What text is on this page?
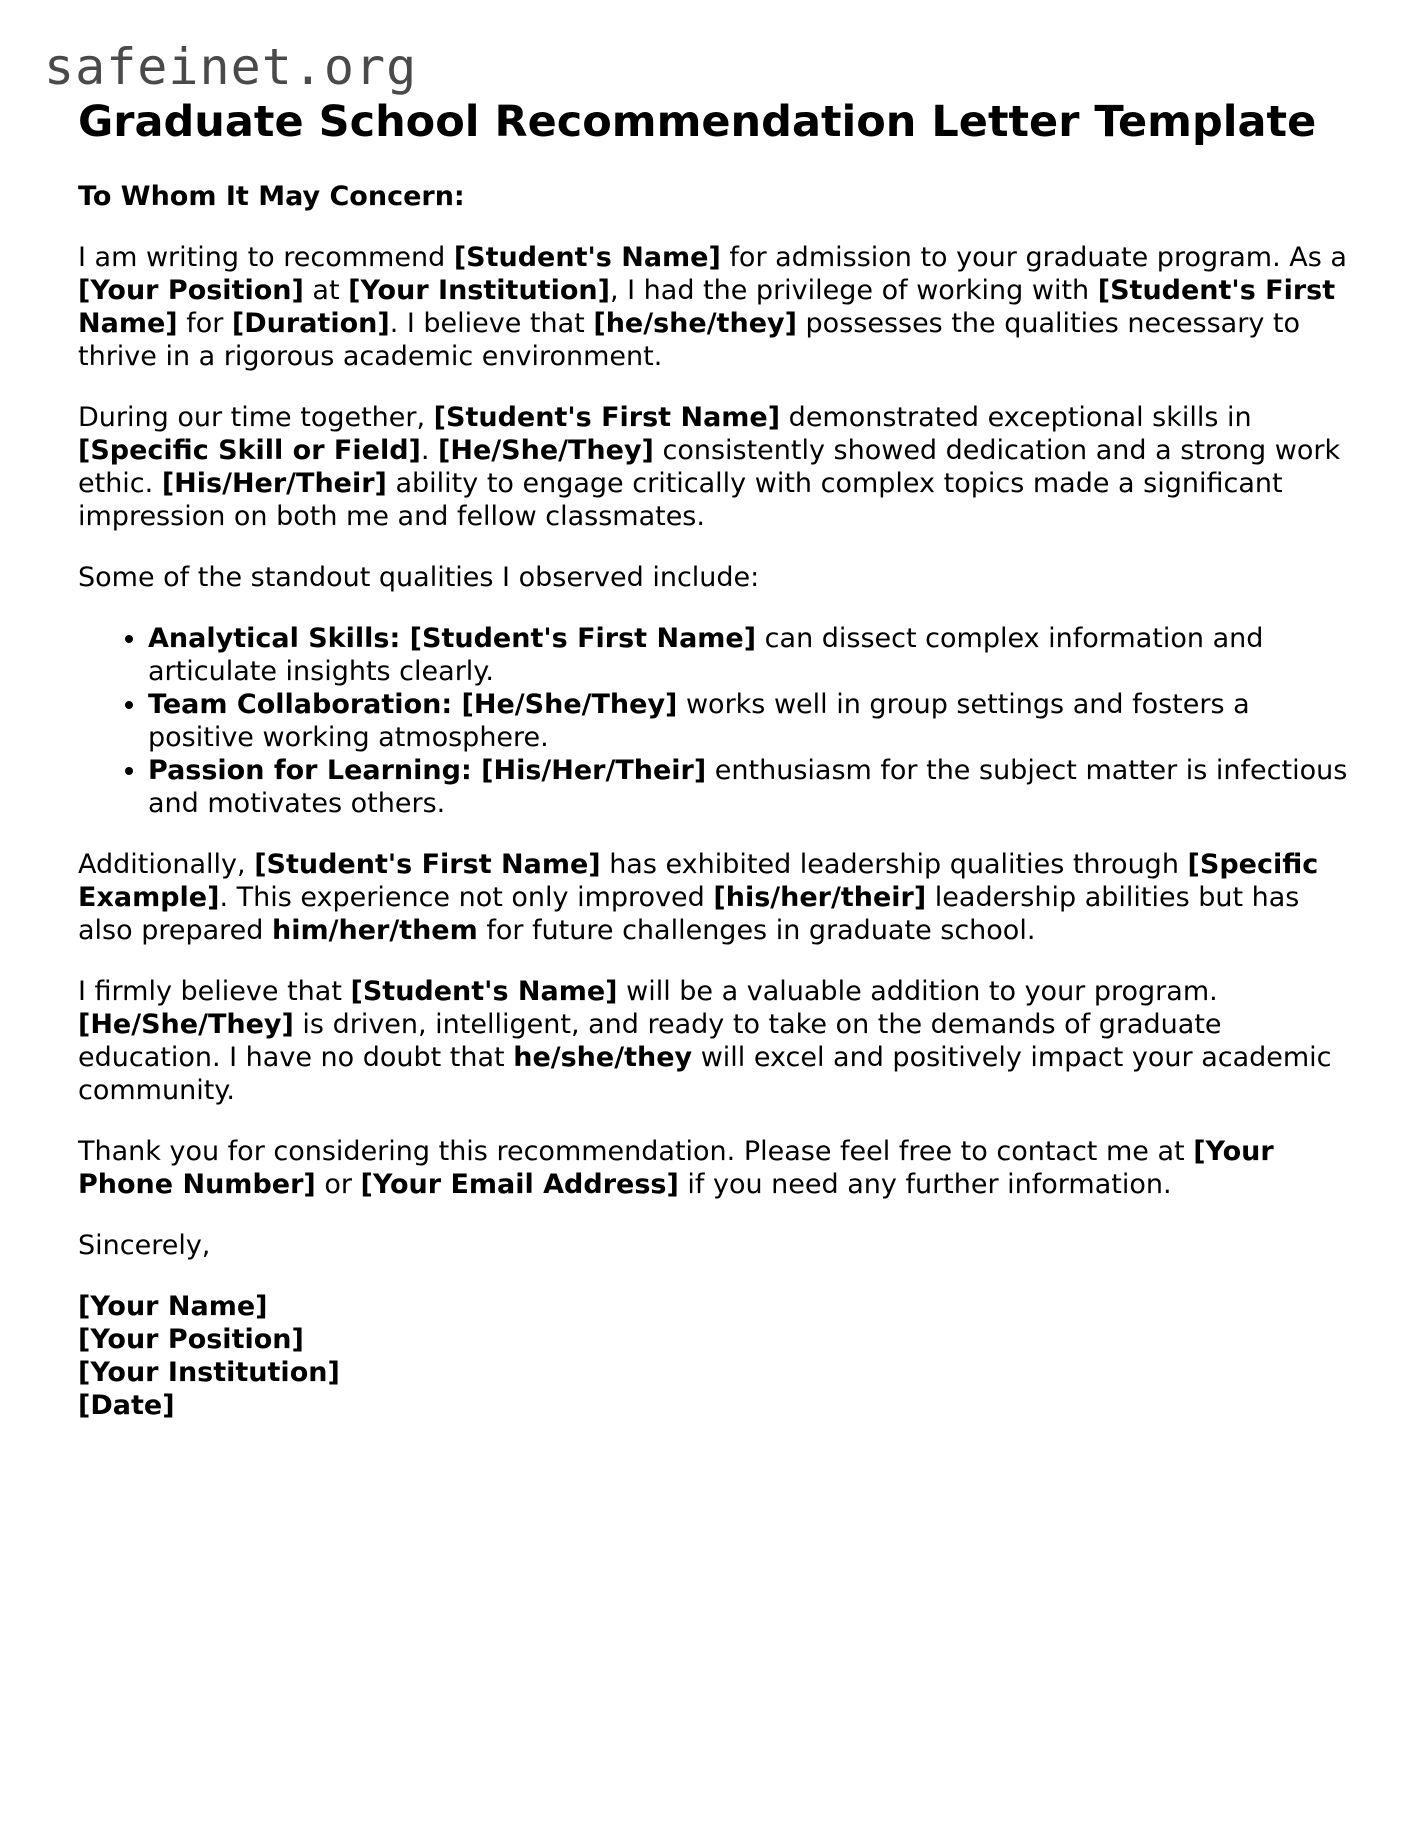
safeinet.org
Graduate School Recommendation Letter Template

To Whom It May Concern:

I am writing to recommend [Student's Name] for admission to your graduate program. As a [Your Position] at [Your Institution], I had the privilege of working with [Student's First Name] for [Duration]. I believe that [he/she/they] possesses the qualities necessary to thrive in a rigorous academic environment.

During our time together, [Student's First Name] demonstrated exceptional skills in [Specific Skill or Field]. [He/She/They] consistently showed dedication and a strong work ethic. [His/Her/Their] ability to engage critically with complex topics made a significant impression on both me and fellow classmates.

Some of the standout qualities I observed include:

• Analytical Skills: [Student's First Name] can dissect complex information and articulate insights clearly.
• Team Collaboration: [He/She/They] works well in group settings and fosters a positive working atmosphere.
• Passion for Learning: [His/Her/Their] enthusiasm for the subject matter is infectious and motivates others.

Additionally, [Student's First Name] has exhibited leadership qualities through [Specific Example]. This experience not only improved [his/her/their] leadership abilities but has also prepared him/her/them for future challenges in graduate school.

I firmly believe that [Student's Name] will be a valuable addition to your program. [He/She/They] is driven, intelligent, and ready to take on the demands of graduate education. I have no doubt that he/she/they will excel and positively impact your academic community.

Thank you for considering this recommendation. Please feel free to contact me at [Your Phone Number] or [Your Email Address] if you need any further information.

Sincerely,

[Your Name]

[Your Position]

[Your Institution]

[Date]
